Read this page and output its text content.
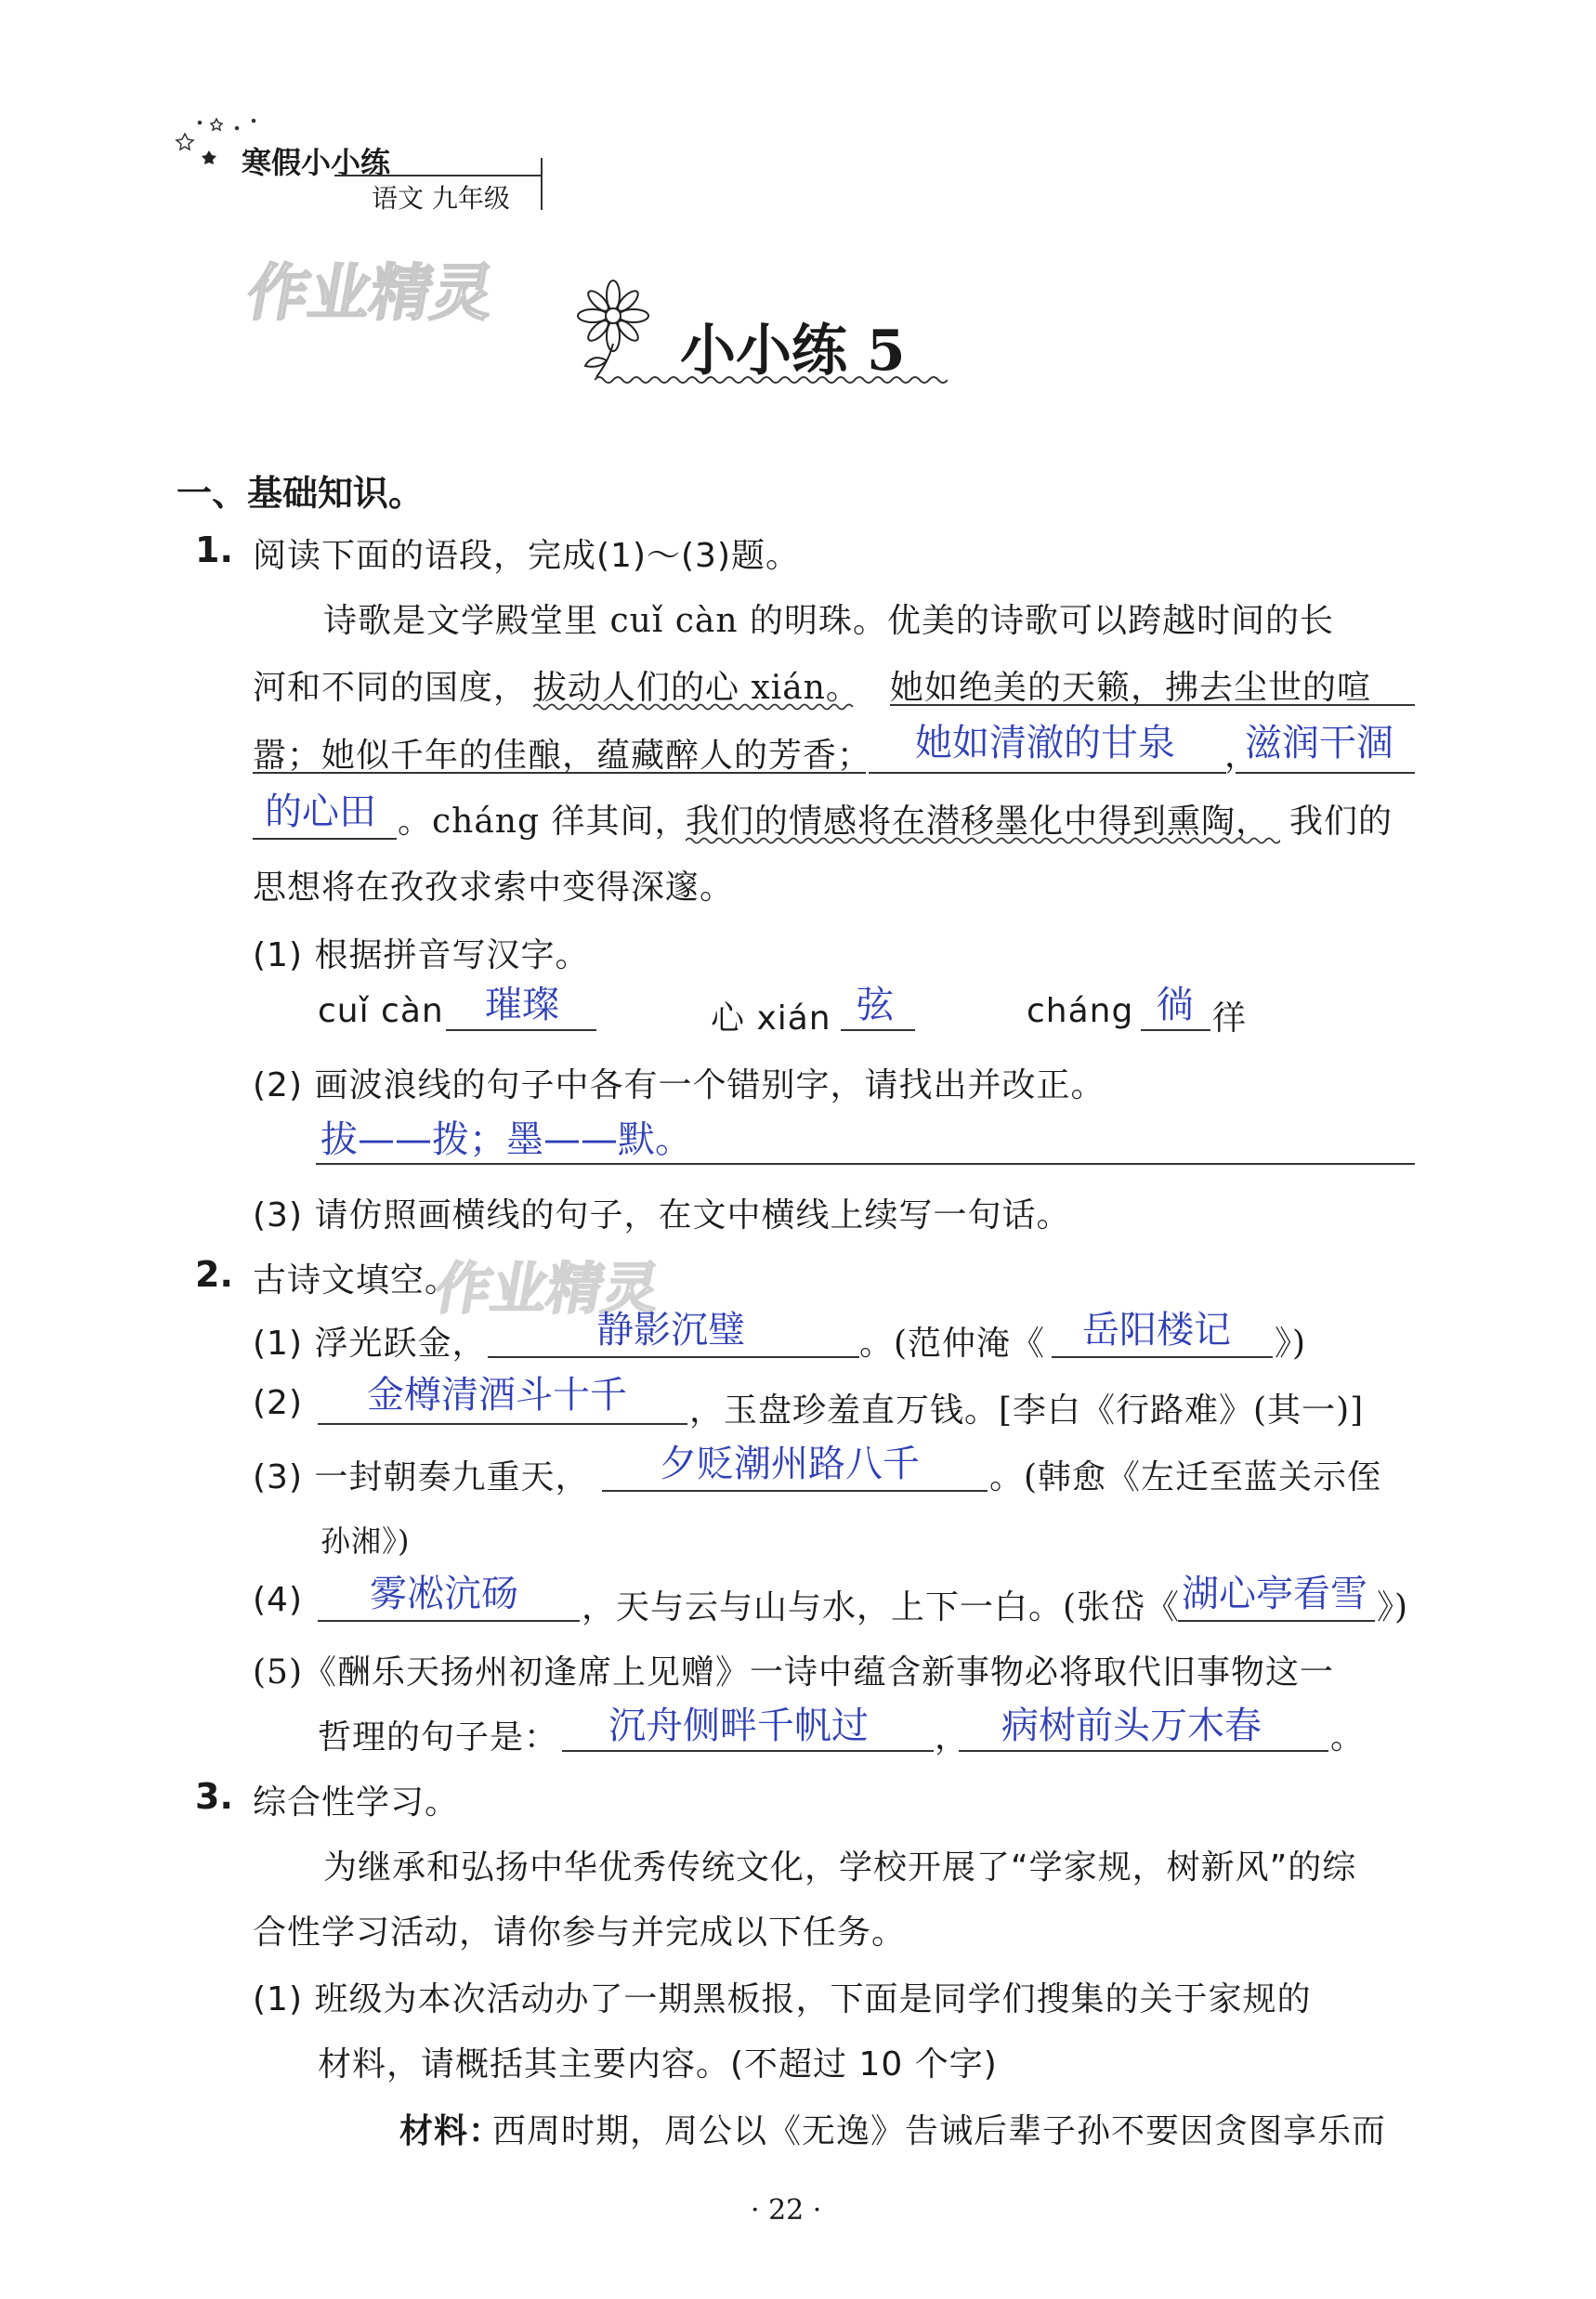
寒假小小练
语文 九年级
作业精灵
小小练 5
一、基础知识。
1. 阅读下面的语段，完成(1)～(3)题。
诗歌是文学殿堂里 cuǐ càn 的明珠。优美的诗歌可以跨越时间的长
河和不同的国度， 拔动人们的心 xián。 她如绝美的天籁，拂去尘世的喧
嚣；她似千年的佳酿，蕴藏醉人的芳香； 她如清澈的甘泉 ，
滋润干涸
的心田 。cháng 徉其间，
我们的情感将在潜移墨化中得到熏陶， 我们的
思想将在孜孜求索中变得深邃。
(1) 根据拼音写汉字。
cuǐ càn 璀璨	心 xián 弦	cháng 徜 徉
(2) 画波浪线的句子中各有一个错别字，请找出并改正。
拔——拨；墨——默。
(3) 请仿照画横线的句子，在文中横线上续写一句话。
2. 古诗文填空。
作业精灵
(1) 浮光跃金，	静影沉璧	。(范仲淹《 岳阳楼记 》)
(2) 金樽清酒斗十千 ，玉盘珍羞直万钱。[李白《行路难》(其一)]
(3) 一封朝奏九重天， 夕贬潮州路八千 。(韩愈《左迁至蓝关示侄
孙湘》)
(4) 雾凇沆砀 ，天与云与山与水，上下一白。(张岱《 湖心亭看雪 》)
(5)《酬乐天扬州初逢席上见赠》一诗中蕴含新事物必将取代旧事物这一
哲理的句子是： 沉舟侧畔千帆过 ， 病树前头万木春 。
3. 综合性学习。
为继承和弘扬中华优秀传统文化，学校开展了“学家规，树新风”的综
合性学习活动，请你参与并完成以下任务。
(1) 班级为本次活动办了一期黑板报，下面是同学们搜集的关于家规的
材料，请概括其主要内容。(不超过 10 个字)
材料：
西周时期，周公以《无逸》告诫后辈子孙不要因贪图享乐而
· 22 ·
